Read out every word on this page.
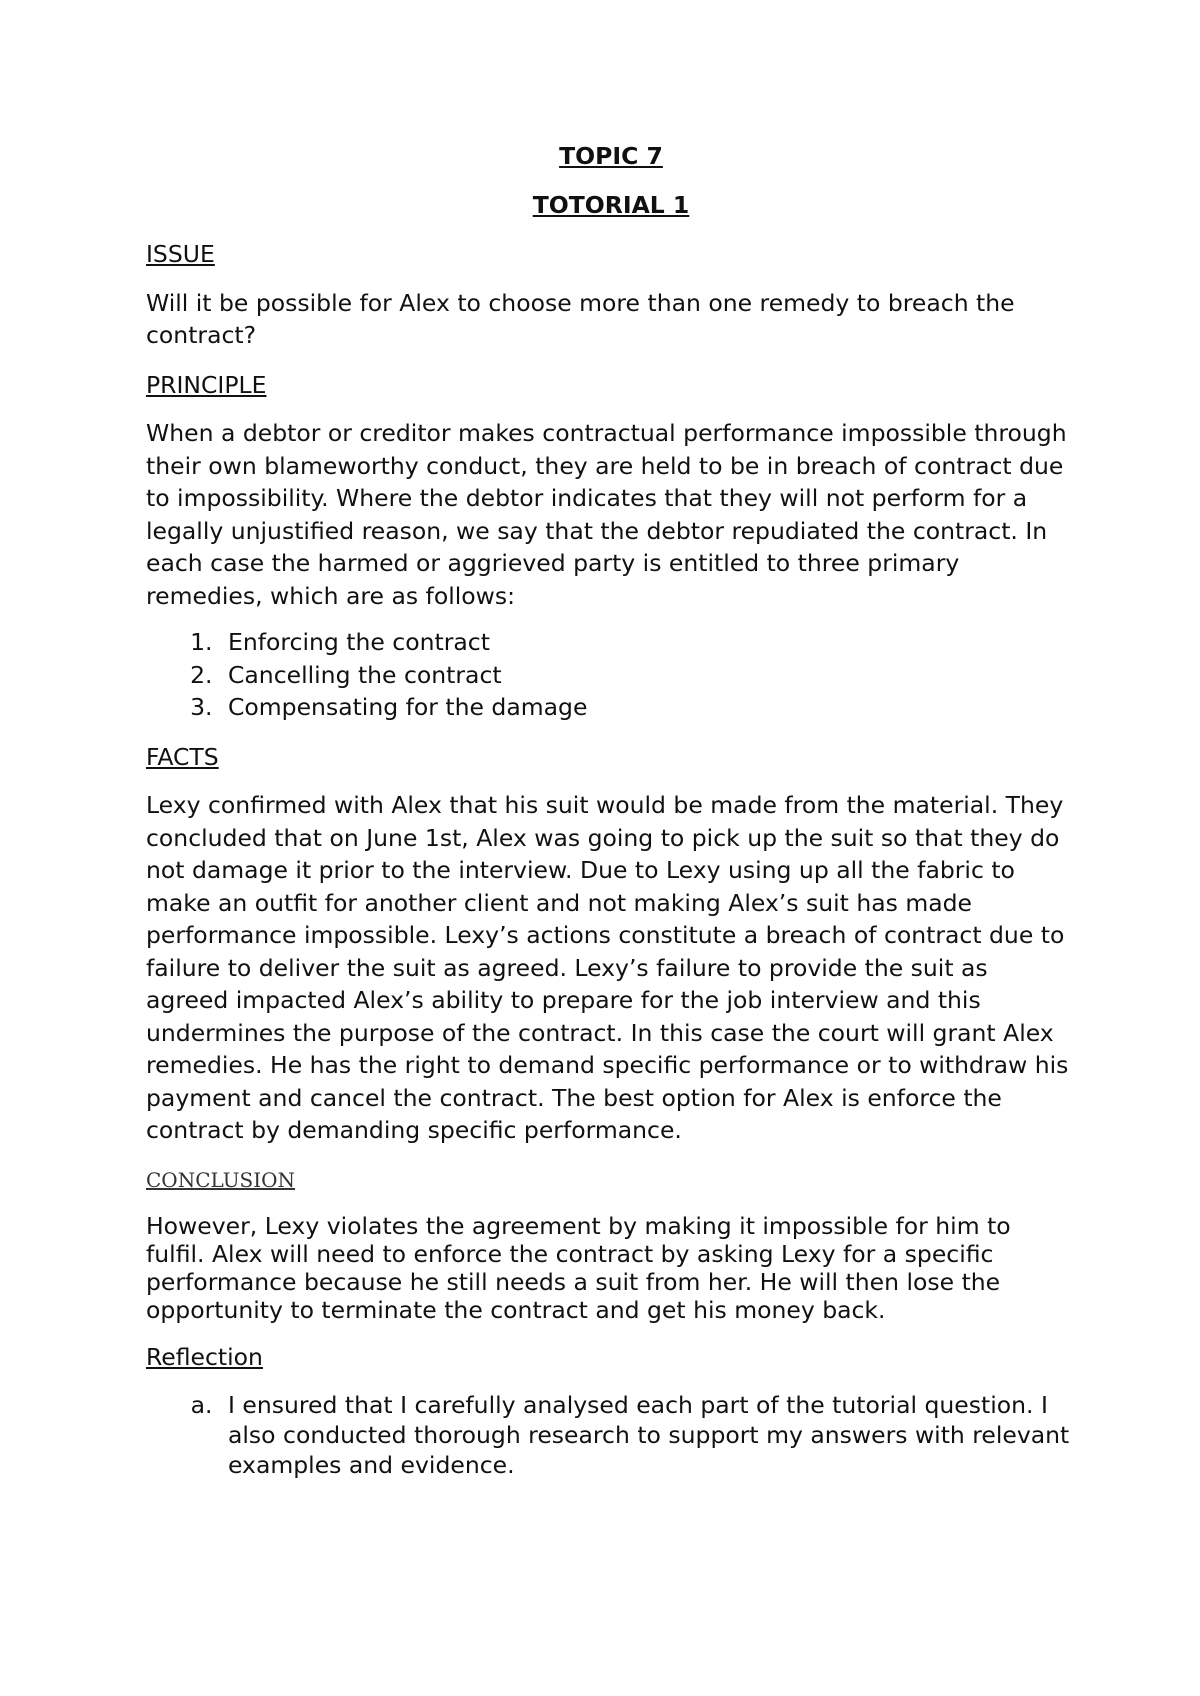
TOPIC 7

TOTORIAL 1

ISSUE

Will it be possible for Alex to choose more than one remedy to breach the contract?

PRINCIPLE

When a debtor or creditor makes contractual performance impossible through their own blameworthy conduct, they are held to be in breach of contract due to impossibility. Where the debtor indicates that they will not perform for a legally unjustified reason, we say that the debtor repudiated the contract. In each case the harmed or aggrieved party is entitled to three primary remedies, which are as follows:

1. Enforcing the contract
2. Cancelling the contract
3. Compensating for the damage

FACTS

Lexy confirmed with Alex that his suit would be made from the material. They concluded that on June 1st, Alex was going to pick up the suit so that they do not damage it prior to the interview. Due to Lexy using up all the fabric to make an outfit for another client and not making Alex’s suit has made performance impossible. Lexy’s actions constitute a breach of contract due to failure to deliver the suit as agreed. Lexy’s failure to provide the suit as agreed impacted Alex’s ability to prepare for the job interview and this undermines the purpose of the contract. In this case the court will grant Alex remedies. He has the right to demand specific performance or to withdraw his payment and cancel the contract. The best option for Alex is enforce the contract by demanding specific performance.

CONCLUSION

However, Lexy violates the agreement by making it impossible for him to fulfil. Alex will need to enforce the contract by asking Lexy for a specific performance because he still needs a suit from her. He will then lose the opportunity to terminate the contract and get his money back.

Reflection

a. I ensured that I carefully analysed each part of the tutorial question. I also conducted thorough research to support my answers with relevant examples and evidence.
